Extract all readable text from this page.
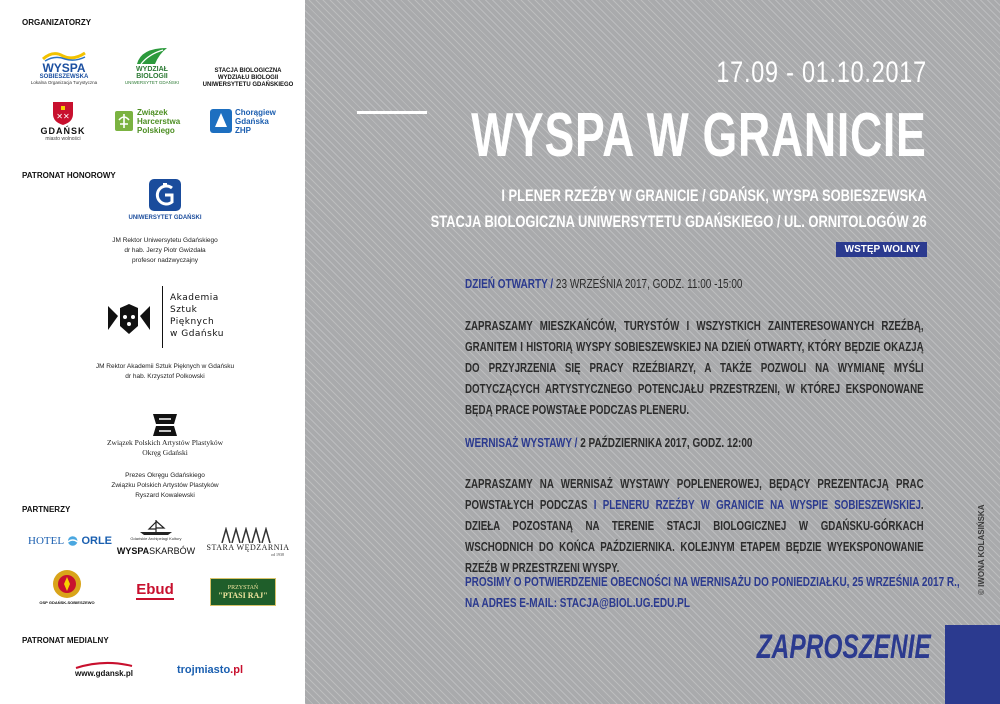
ORGANIZATORZY
WYSPA
SOBIESZEWSKA
Lokalna Organizacja Turystyczna
WYDZIAŁ
BIOLOGII
UNIWERSYTET GDAŃSKI
STACJA BIOLOGICZNA
WYDZIAŁU BIOLOGII
UNIWERSYTETU GDAŃSKIEGO
✕✕
GDAŃSK
miasto wolności
Związek
Harcerstwa
Polskiego
Chorągiew
Gdańska
ZHP
PATRONAT HONOROWY
UNIWERSYTET GDAŃSKI
JM Rektor Uniwersytetu Gdańskiego
dr hab. Jerzy Piotr Gwizdała
profesor nadzwyczajny
Akademia
Sztuk
Pięknych
w Gdańsku
JM Rektor Akademii Sztuk Pięknych w Gdańsku
dr hab. Krzysztof Polkowski
Związek Polskich Artystów Plastyków
Okręg Gdański
Prezes Okręgu Gdańskiego
Związku Polskich Artystów Plastyków
Ryszard Kowalewski
PARTNERZY
HOTEL ORLE	Gdańskie Archipelagi Kultury
WYSPASKARBÓW STARA WĘDZARNIA
od 1938
OSP GDAŃSK-SOBIESZEWO
Ebud	PRZYSTAŃ
"PTASI RAJ"
PATRONAT MEDIALNY
www.gdansk.pl	trojmiasto .pl
17.09 - 01.10.2017
WYSPA W GRANICIE
I PLENER RZEŹBY W GRANICIE / GDAŃSK, WYSPA SOBIESZEWSKA
STACJA BIOLOGICZNA UNIWERSYTETU GDAŃSKIEGO / UL. ORNITOLOGÓW 26
WSTĘP WOLNY
DZIEŃ OTWARTY / 23 WRZEŚNIA 2017, GODZ. 11:00 -15:00
ZAPRASZAMY MIESZKAŃCÓW, TURYSTÓW I WSZYSTKICH ZAINTERESOWANYCH RZEŹBĄ, GRANITEM I HISTORIĄ WYSPY SOBIESZEWSKIEJ NA DZIEŃ OTWARTY, KTÓRY BĘDZIE OKAZJĄ DO PRZYJRZENIA SIĘ PRACY RZEŹBIARZY, A TAKŻE POZWOLI NA WYMIANĘ MYŚLI DOTYCZĄCYCH ARTYSTYCZNEGO POTENCJAŁU PRZESTRZENI, W KTÓREJ EKSPONOWANE BĘDĄ PRACE POWSTAŁE PODCZAS PLENERU.
WERNISAŻ WYSTAWY / 2 PAŹDZIERNIKA 2017, GODZ. 12:00
ZAPRASZAMY NA WERNISAŻ WYSTAWY POPLENEROWEJ, BĘDĄCY PREZENTACJĄ PRAC POWSTAŁYCH PODCZAS I PLENERU RZEŹBY W GRANICIE NA WYSPIE SOBIESZEWSKIEJ. DZIEŁA POZOSTANĄ NA TERENIE STACJI BIOLOGICZNEJ W GDAŃSKU-GÓRKACH WSCHODNICH DO KOŃCA PAŹDZIERNIKA. KOLEJNYM ETAPEM BĘDZIE WYEKSPONOWANIE RZEŹB W PRZESTRZENI WYSPY.
PROSIMY O POTWIERDZENIE OBECNOŚCI NA WERNISAŻU DO PONIEDZIAŁKU, 25 WRZEŚNIA 2017 R.,
NA ADRES E-MAIL: STACJA@BIOL.UG.EDU.PL
© IWONA KOLASIŃSKA
ZAPROSZENIE
